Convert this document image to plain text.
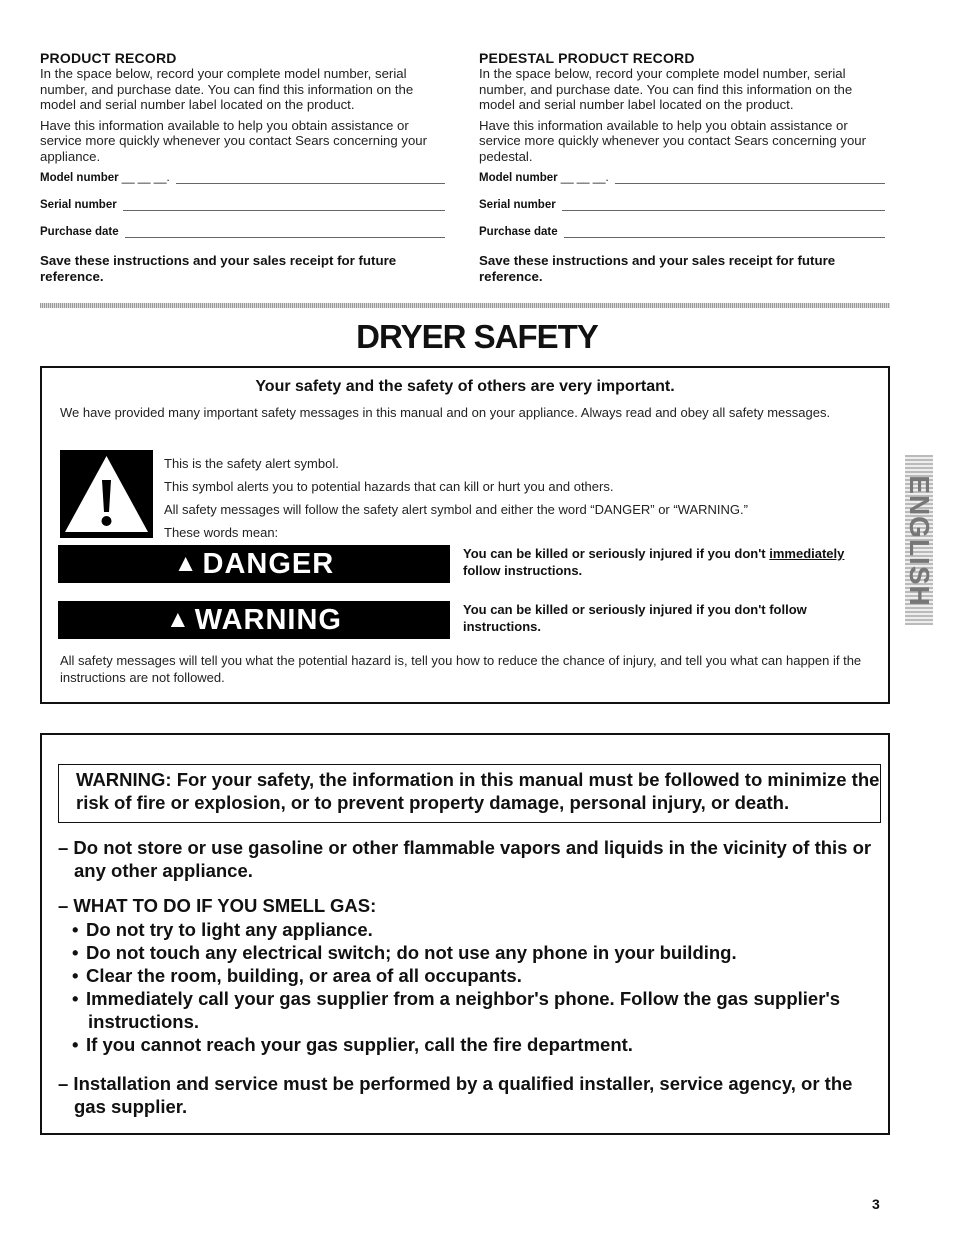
PRODUCT RECORD

In the space below, record your complete model number, serial number, and purchase date. You can find this information on the model and serial number label located on the product.

Have this information available to help you obtain assistance or service more quickly whenever you contact Sears concerning your appliance.

Model number
__ __ __.
Serial number
Purchase date
Save these instructions and your sales receipt for future reference.
PEDESTAL PRODUCT RECORD

In the space below, record your complete model number, serial number, and purchase date. You can find this information on the model and serial number label located on the product.

Have this information available to help you obtain assistance or service more quickly whenever you contact Sears concerning your pedestal.

Model number
__ __ __.
Serial number
Purchase date
Save these instructions and your sales receipt for future reference.
DRYER SAFETY
Your safety and the safety of others are very important.
We have provided many important safety messages in this manual and on your appliance. Always read and obey all safety messages.
This is the safety alert symbol.
This symbol alerts you to potential hazards that can kill or hurt you and others.
All safety messages will follow the safety alert symbol and either the word “DANGER” or “WARNING.”
These words mean:
▲ DANGER	You can be killed or seriously injured if you don't immediately follow instructions.
▲ WARNING	You can be killed or seriously injured if you don't follow instructions.
All safety messages will tell you what the potential hazard is, tell you how to reduce the chance of injury, and tell you what can happen if the instructions are not followed.
WARNING: For your safety, the information in this manual must be followed to minimize the risk of fire or explosion, or to prevent property damage, personal injury, or death.
– Do not store or use gasoline or other flammable vapors and liquids in the vicinity of this or any other appliance.
– WHAT TO DO IF YOU SMELL GAS:
• Do not try to light any appliance.
• Do not touch any electrical switch; do not use any phone in your building.
• Clear the room, building, or area of all occupants.
• Immediately call your gas supplier from a neighbor's phone. Follow the gas supplier's instructions.
• If you cannot reach your gas supplier, call the fire department.
– Installation and service must be performed by a qualified installer, service agency, or the gas supplier.
ENGLISH
3
